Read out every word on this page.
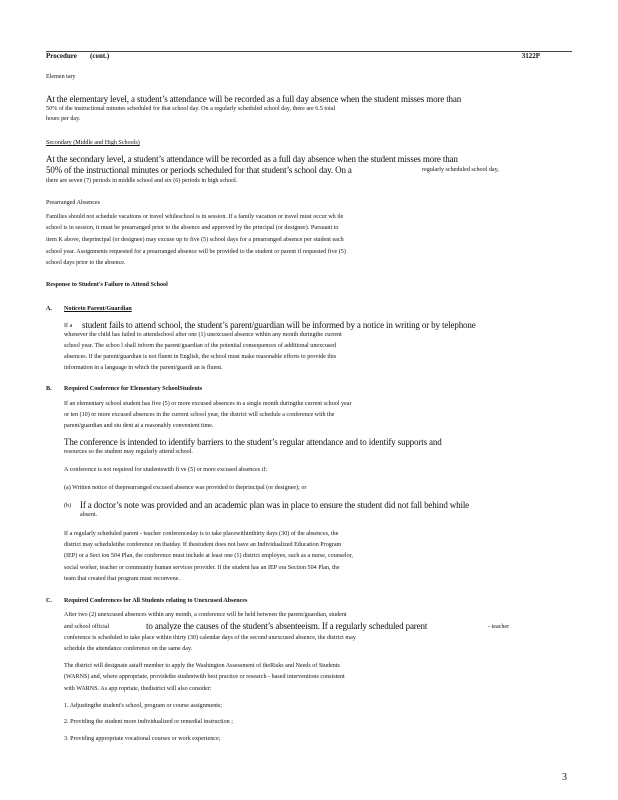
Procedure (cont.)	3122P
Elemen tary
At the elementary level, a student’s attendance will be recorded as a full day absence when the student misses more than
50% of the instructional minutes scheduled for that school day. On a regularly scheduled school day, there are 6.5 total
hours per day.
Secondary (Middle and High Schools)
At the secondary level, a student’s attendance will be recorded as a full day absence when the student misses more than
50% of the instructional minutes or periods scheduled for that student’s school day. On a	regularly scheduled school day,
there are seven (7) periods in middle school and six (6) periods in high school.
Prearranged Absences
Families should not schedule vacations or travel whileschool is in session. If a family vacation or travel must occur wh ile
school is in session, it must be prearranged prior to the absence and approved by the principal (or designee). Pursuant to
item K above, theprincipal (or designee) may excuse up to five (5) school days for a prearranged absence per student each
school year. Assignments requested for a prearranged absence will be provided to the student or parent if requested five (5)
school days prior to the absence.
Response to Student's Failure to Attend School
A. Noticeto Parent/Guardian
If a student fails to attend school, the student’s parent/guardian will be informed by a notice in writing or by telephone
whenever the child has failed to attendschool after one (1) unexcused absence within any month duringthe current
school year. The schoo l shall inform the parent/guardian of the potential consequences of additional unexcused
absences. If the parent/guardian is not fluent in English, the school must make reasonable efforts to provide this
information in a language in which the parent/guardi an is fluent.
B. Required Conference for Elementary SchoolStudents
If an elementary school student has five (5) or more excused absences in a single month duringthe current school year
or ten (10) or more excused absences in the current school year, the district will schedule a conference with the
parent/guardian and stu dent at a reasonably convenient time.
The conference is intended to identify barriers to the student’s regular attendance and to identify supports and
resources so the student may regularly attend school.
A conference is not required for studentswith fi ve (5) or more excused absences if:
(a) Written notice of theprearranged excused absence was provided to theprincipal (or designee); or
(b) If a doctor’s note was provided and an academic plan was in place to ensure the student did not fall behind while
absent.
If a regularly scheduled parent - teacher conferenceday is to take placewithinthirty days (30) of the absences, the
district may scheduleithe conference on thatday. If thestudent does not have an Individualized Education Program
(IEP) or a Sect ion 504 Plan, the conference must include at least one (1) district employee, such as a nurse, counselor,
social worker, teacher or community human services provider. If the student has an IEP ora Section 504 Plan, the
team that created that program must reconvene.
C. Required Conferences for All Students relating to Unexcused Absences
After two (2) unexcused absences within any month, a conference will be held between the parent/guardian, student
and school official	to analyze the causes of the student’s absenteeism. If a regularly scheduled parent	- teacher
conference is scheduled to take place within thirty (30) calendar days of the second unexcused absence, the district may
schedule the attendance conference on the same day.
The district will designate astaff member to apply the Washington Assessment of theRisks and Needs of Students
(WARNS) and, where appropriate, providethe studentwith best practice or research - based interventions consistent
with WARNS. As app ropriate, thedistrict will also consider:
1. Adjustingthe student's school, program or course assignments;
2. Providing the student more individualized or remedial instruction ;
3. Providing appropriate vocational courses or work experience;
3
